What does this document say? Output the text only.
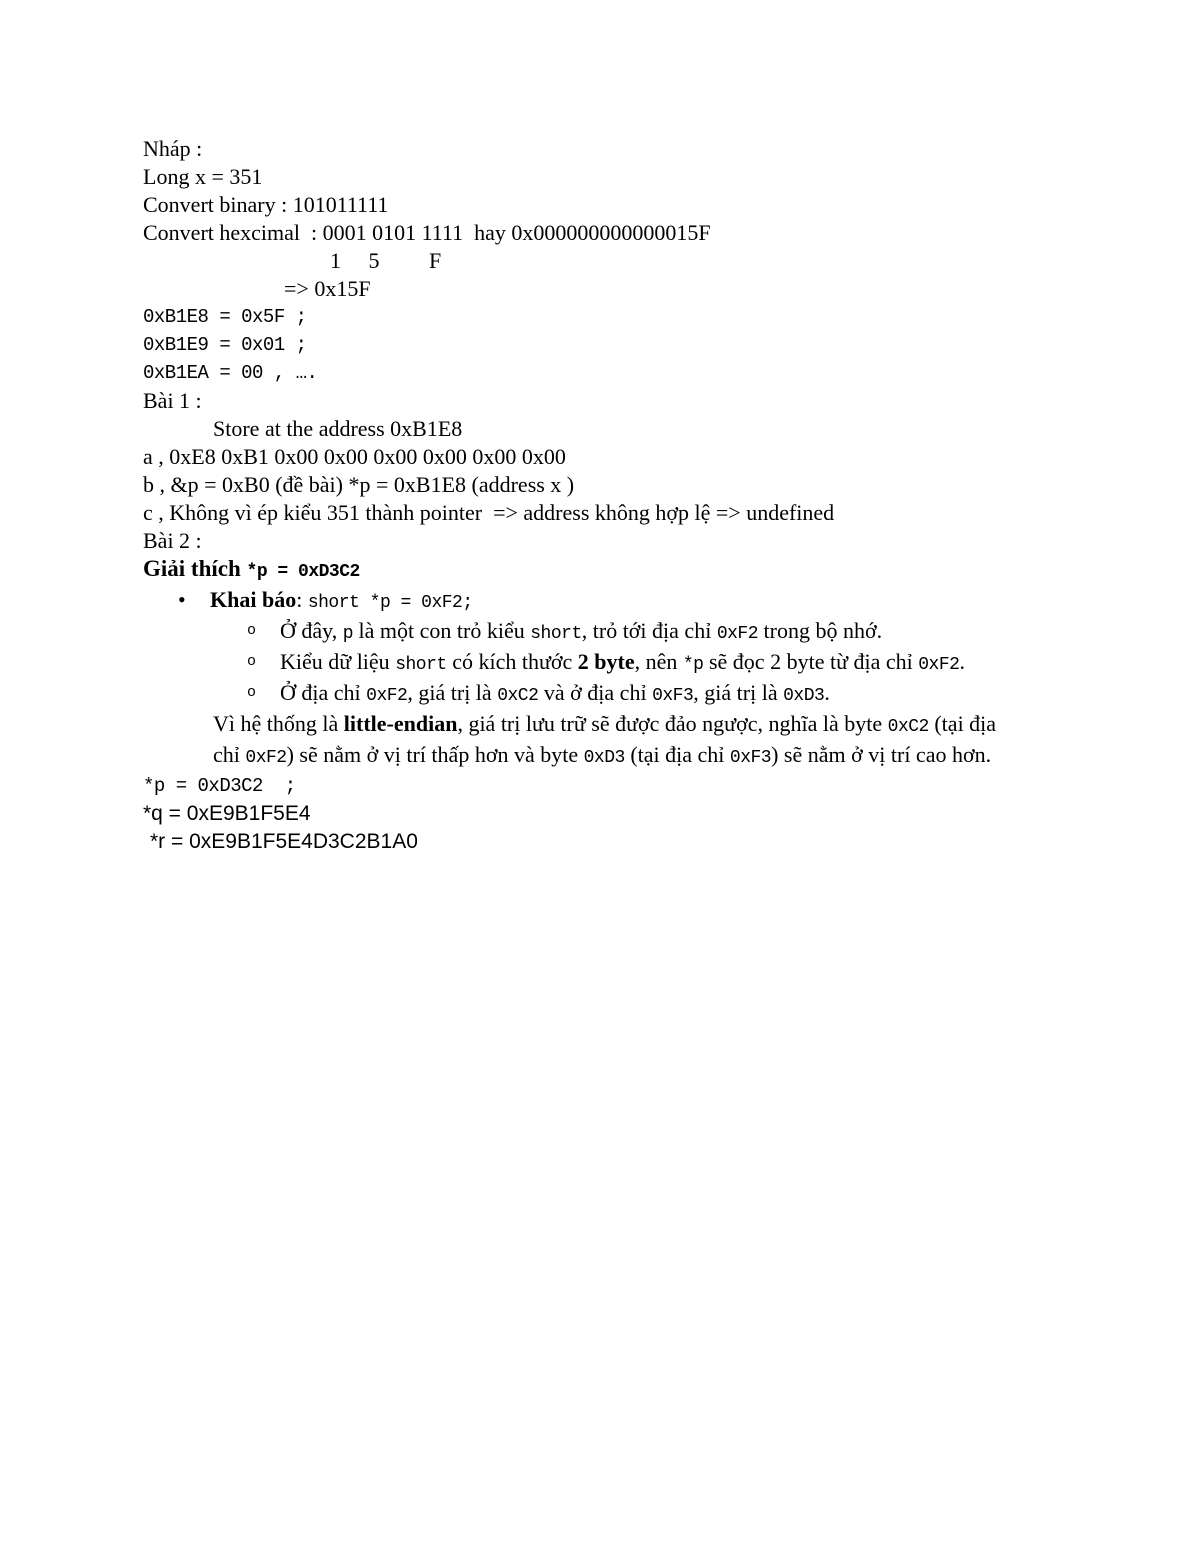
Nháp :

Long x = 351

Convert binary : 101011111

Convert hexcimal  : 0001 0101 1111  hay 0x000000000000015F

1     5         F

=> 0x15F

0xB1E8 = 0x5F ;

0xB1E9 = 0x01 ;

0xB1EA = 00 , ….

Bài 1 :

Store at the address 0xB1E8

a , 0xE8 0xB1 0x00 0x00 0x00 0x00 0x00 0x00

b , &p = 0xB0 (đề bài) *p = 0xB1E8 (address x )

c , Không vì ép kiểu 351 thành pointer  => address không hợp lệ => undefined

Bài 2 :

Giải thích *p = 0xD3C2

•	Khai báo: short *p = 0xF2;
o	Ở đây, p là một con trỏ kiểu short, trỏ tới địa chỉ 0xF2 trong bộ nhớ.
o	Kiểu dữ liệu short có kích thước 2 byte, nên *p sẽ đọc 2 byte từ địa chỉ 0xF2.
o	Ở địa chỉ 0xF2, giá trị là 0xC2 và ở địa chỉ 0xF3, giá trị là 0xD3.

Vì hệ thống là little-endian, giá trị lưu trữ sẽ được đảo ngược, nghĩa là byte 0xC2 (tại địa
chỉ 0xF2) sẽ nằm ở vị trí thấp hơn và byte 0xD3 (tại địa chỉ 0xF3) sẽ nằm ở vị trí cao hơn.

*p = 0xD3C2  ;

*q = 0xE9B1F5E4

*r = 0xE9B1F5E4D3C2B1A0
